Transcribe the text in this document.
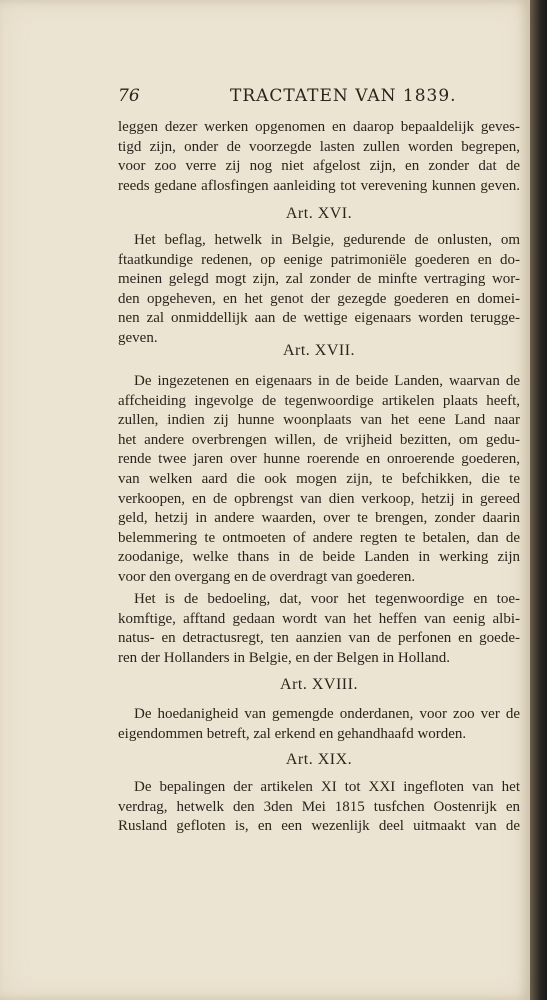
76	TRACTATEN VAN 1839.
leggen dezer werken opgenomen en daarop bepaaldelijk geves-
tigd zijn, onder de voorzegde lasten zullen worden begrepen,
voor zoo verre zij nog niet afgelost zijn, en zonder dat de
reeds gedane aflosfingen aanleiding tot verevening kunnen geven.
Art. XVI.
Het beflag, hetwelk in Belgie, gedurende de onlusten, om
ftaatkundige redenen, op eenige patrimoniële goederen en do-
meinen gelegd mogt zijn, zal zonder de minfte vertraging wor-
den opgeheven, en het genot der gezegde goederen en domei-
nen zal onmiddellijk aan de wettige eigenaars worden terugge-
geven.
Art. XVII.
De ingezetenen en eigenaars in de beide Landen, waarvan de
affcheiding ingevolge de tegenwoordige artikelen plaats heeft,
zullen, indien zij hunne woonplaats van het eene Land naar
het andere overbrengen willen, de vrijheid bezitten, om gedu-
rende twee jaren over hunne roerende en onroerende goederen,
van welken aard die ook mogen zijn, te befchikken, die te
verkoopen, en de opbrengst van dien verkoop, hetzij in gereed
geld, hetzij in andere waarden, over te brengen, zonder daarin
belemmering te ontmoeten of andere regten te betalen, dan de
zoodanige, welke thans in de beide Landen in werking zijn
voor den overgang en de overdragt van goederen.
Het is de bedoeling, dat, voor het tegenwoordige en toe-
komftige, afftand gedaan wordt van het heffen van eenig albi-
natus- en detractusregt, ten aanzien van de perfonen en goede-
ren der Hollanders in Belgie, en der Belgen in Holland.
Art. XVIII.
De hoedanigheid van gemengde onderdanen, voor zoo ver de
eigendommen betreft, zal erkend en gehandhaafd worden.
Art. XIX.
De bepalingen der artikelen XI tot XXI ingefloten van het
verdrag, hetwelk den 3den Mei 1815 tusfchen Oostenrijk en
Rusland gefloten is, en een wezenlijk deel uitmaakt van de
